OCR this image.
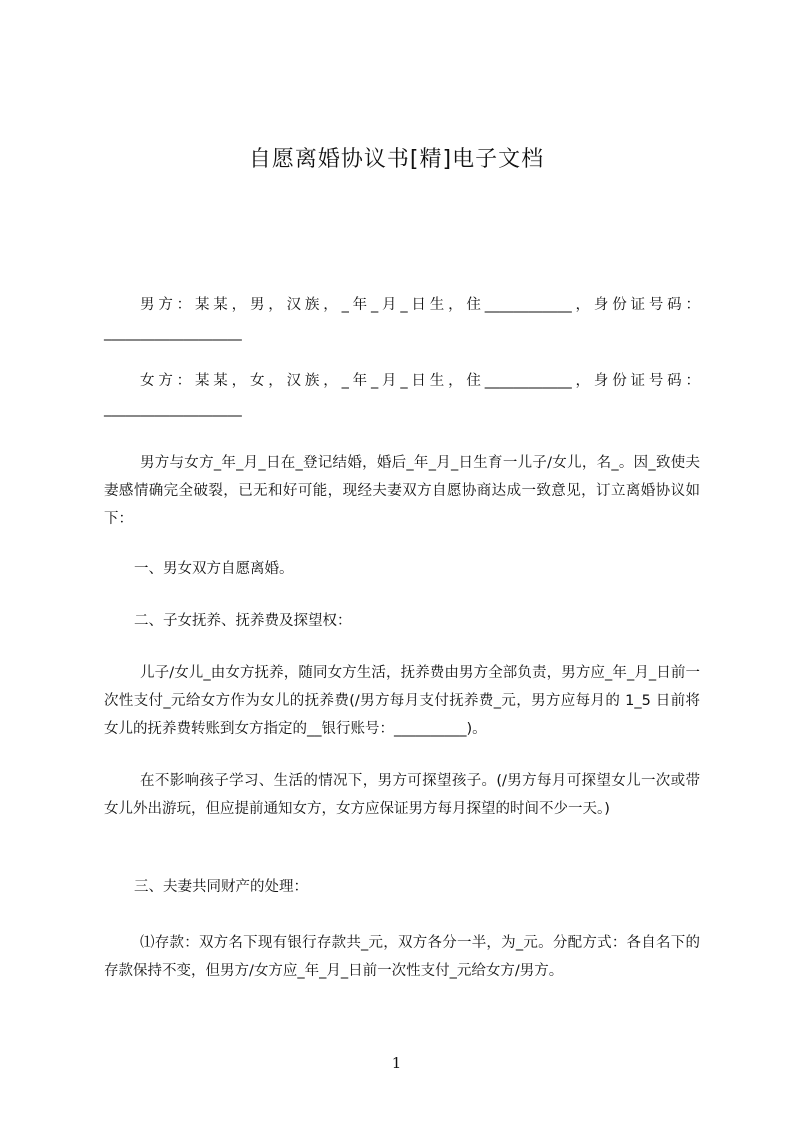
自愿离婚协议书[精]电子文档

男方：某某，男，汉族，_年_月_日生，住____________，身份证号码：___________________

女方：某某，女，汉族，_年_月_日生，住____________，身份证号码：___________________

男方与女方_年_月_日在_登记结婚，婚后_年_月_日生育一儿子/女儿，名_。因_致使夫妻感情确完全破裂，已无和好可能，现经夫妻双方自愿协商达成一致意见，订立离婚协议如下：

一、男女双方自愿离婚。

二、子女抚养、抚养费及探望权：

儿子/女儿_由女方抚养，随同女方生活，抚养费由男方全部负责，男方应_年_月_日前一次性支付_元给女方作为女儿的抚养费(/男方每月支付抚养费_元，男方应每月的 1_5 日前将女儿的抚养费转账到女方指定的__银行账号：__________)。

在不影响孩子学习、生活的情况下，男方可探望孩子。(/男方每月可探望女儿一次或带女儿外出游玩，但应提前通知女方，女方应保证男方每月探望的时间不少一天。)

三、夫妻共同财产的处理：

⑴存款：双方名下现有银行存款共_元，双方各分一半，为_元。分配方式：各自名下的存款保持不变，但男方/女方应_年_月_日前一次性支付_元给女方/男方。

1
